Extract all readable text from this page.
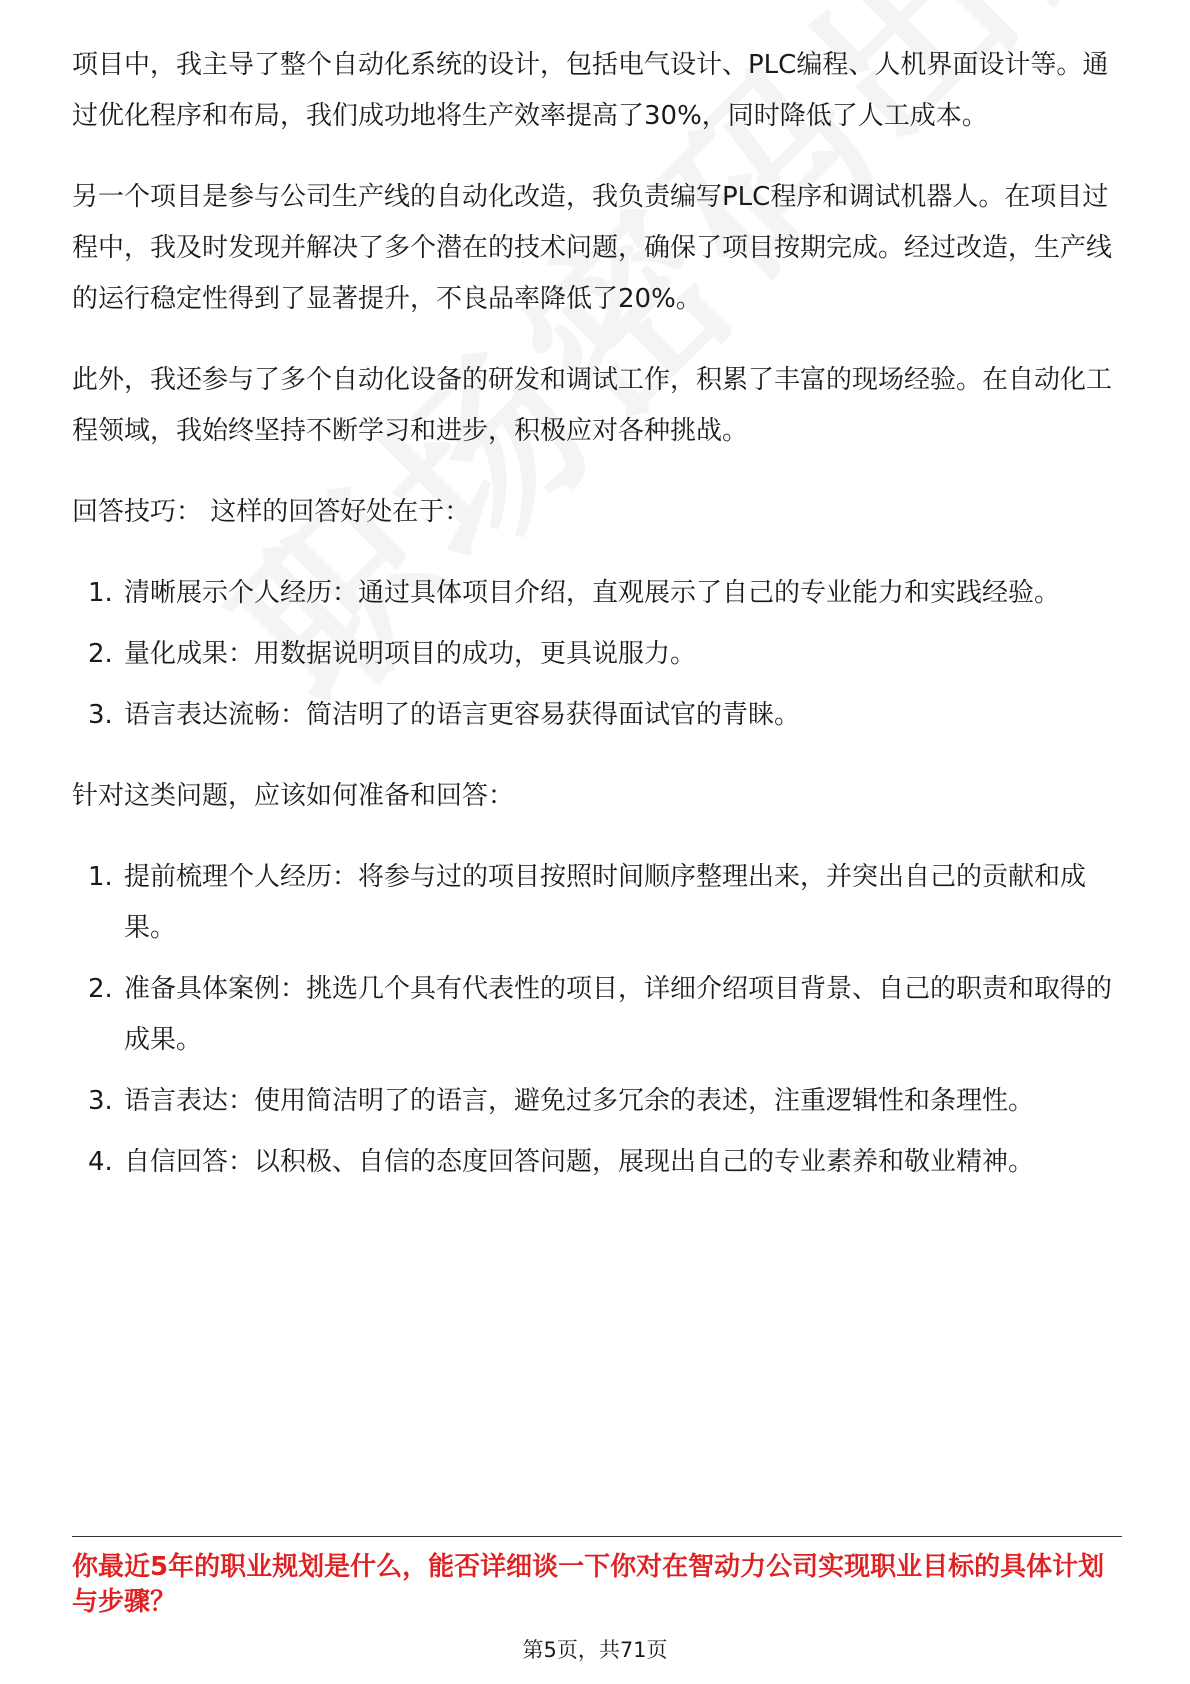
项目中，我主导了整个自动化系统的设计，包括电气设计、PLC编程、人机界面设计等。通过优化程序和布局，我们成功地将生产效率提高了30%，同时降低了人工成本。

另一个项目是参与公司生产线的自动化改造，我负责编写PLC程序和调试机器人。在项目过程中，我及时发现并解决了多个潜在的技术问题，确保了项目按期完成。经过改造，生产线的运行稳定性得到了显著提升，不良品率降低了20%。

此外，我还参与了多个自动化设备的研发和调试工作，积累了丰富的现场经验。在自动化工程领域，我始终坚持不断学习和进步，积极应对各种挑战。

回答技巧： 这样的回答好处在于：

1. 清晰展示个人经历：通过具体项目介绍，直观展示了自己的专业能力和实践经验。
2. 量化成果：用数据说明项目的成功，更具说服力。
3. 语言表达流畅：简洁明了的语言更容易获得面试官的青睐。

针对这类问题，应该如何准备和回答：

1. 提前梳理个人经历：将参与过的项目按照时间顺序整理出来，并突出自己的贡献和成果。
2. 准备具体案例：挑选几个具有代表性的项目，详细介绍项目背景、自己的职责和取得的成果。
3. 语言表达：使用简洁明了的语言，避免过多冗余的表述，注重逻辑性和条理性。
4. 自信回答：以积极、自信的态度回答问题，展现出自己的专业素养和敬业精神。

你最近5年的职业规划是什么，能否详细谈一下你对在智动力公司实现职业目标的具体计划与步骤？

第5页，共71页
